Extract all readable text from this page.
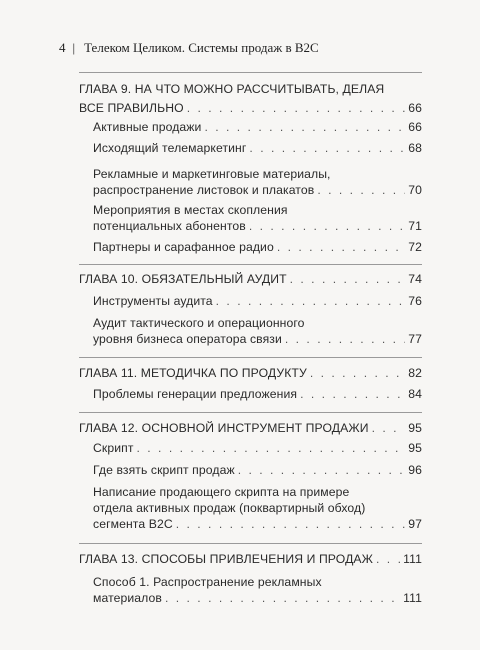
4 | Телеком Целиком. Системы продаж в B2C
ГЛАВА 9. НА ЧТО МОЖНО РАССЧИТЫВАТЬ, ДЕЛАЯ
ВСЕ ПРАВИЛЬНО . . .	66
Активные продажи . . .	66
Исходящий телемаркетинг . . .	68
Рекламные и маркетинговые материалы,
распространение листовок и плакатов . . .	70
Мероприятия в местах скопления
потенциальных абонентов . . .	71
Партнеры и сарафанное радио . . .	72
ГЛАВА 10. ОБЯЗАТЕЛЬНЫЙ АУДИТ . . .	74
Инструменты аудита . . .	76
Аудит тактического и операционного
уровня бизнеса оператора связи . . .	77
ГЛАВА 11. МЕТОДИЧКА ПО ПРОДУКТУ . . .	82
Проблемы генерации предложения . . .	84
ГЛАВА 12. ОСНОВНОЙ ИНСТРУМЕНТ ПРОДАЖИ . . .	95
Скрипт . . .	95
Где взять скрипт продаж . . .	96
Написание продающего скрипта на примере
отдела активных продаж (поквартирный обход)
сегмента B2C . . .	97
ГЛАВА 13. СПОСОБЫ ПРИВЛЕЧЕНИЯ И ПРОДАЖ . . . 111
Способ 1. Распространение рекламных
материалов . . .	111
